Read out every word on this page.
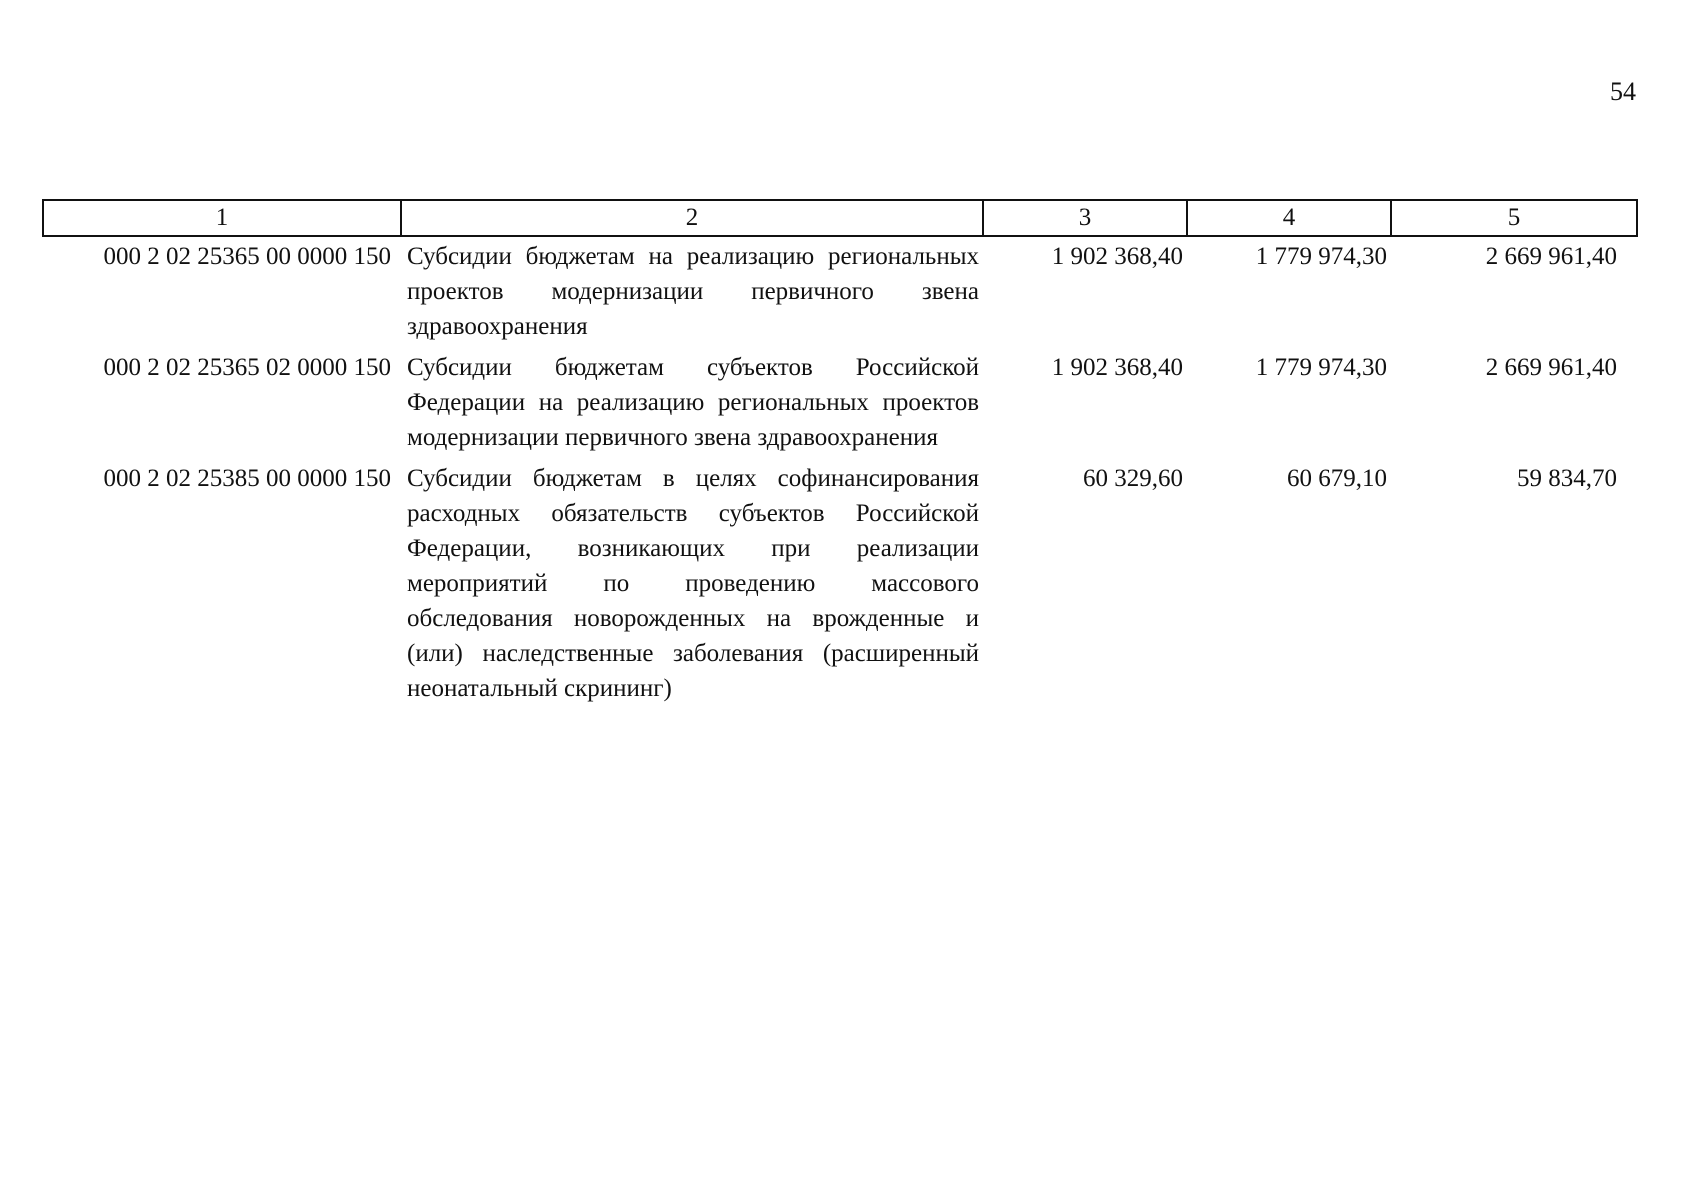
54
1	2	3	4	5
000 2 02 25365 00 0000 150	Субсидии бюджетам на реализацию региональных проектов модернизации первичного звена здравоохранения	1 902 368,40	1 779 974,30	2 669 961,40
000 2 02 25365 02 0000 150	Субсидии бюджетам субъектов Российской Федерации на реализацию региональных проектов модернизации первичного звена здравоохранения	1 902 368,40	1 779 974,30	2 669 961,40
000 2 02 25385 00 0000 150	Субсидии бюджетам в целях софинансирования расходных обязательств субъектов Российской Федерации, возникающих при реализации мероприятий по проведению массового обследования новорожденных на врожденные и (или) наследственные заболевания (расширенный неонатальный скрининг)	60 329,60	60 679,10	59 834,70
